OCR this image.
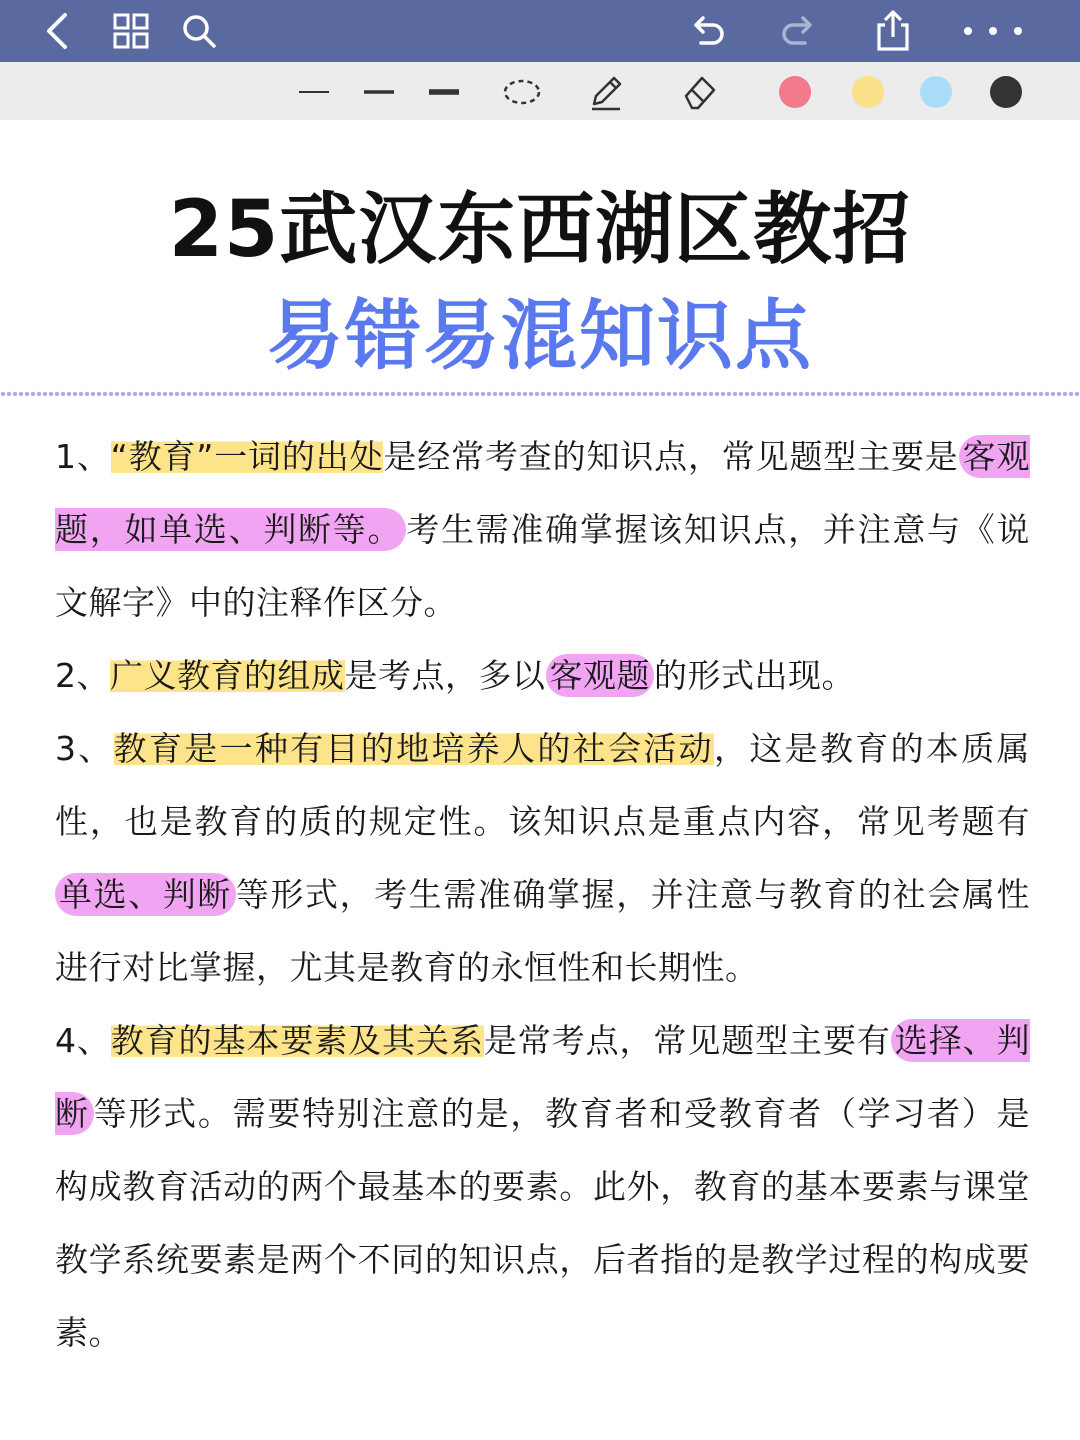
25武汉东西湖区教招
易错易混知识点

1、“教育”一词的出处是经常考查的知识点，常见题型主要是 客观题，如单选、判断等。 考生需准确掌握该知识点，并注意与《说文解字》中的注释作区分。

2、广义教育的组成是考点，多以 客观题 的形式出现。

3、教育是一种有目的地培养人的社会活动，这是教育的本质属性，也是教育的质的规定性。该知识点是重点内容，常见考题有单选、判断 等形式，考生需准确掌握，并注意与教育的社会属性进行对比掌握，尤其是教育的永恒性和长期性。

4、教育的基本要素及其关系是常考点，常见题型主要有 选择、判断 等形式。需要特别注意的是，教育者和受教育者（学习者）是构成教育活动的两个最基本的要素。此外，教育的基本要素与课堂教学系统要素是两个不同的知识点，后者指的是教学过程的构成要素。
